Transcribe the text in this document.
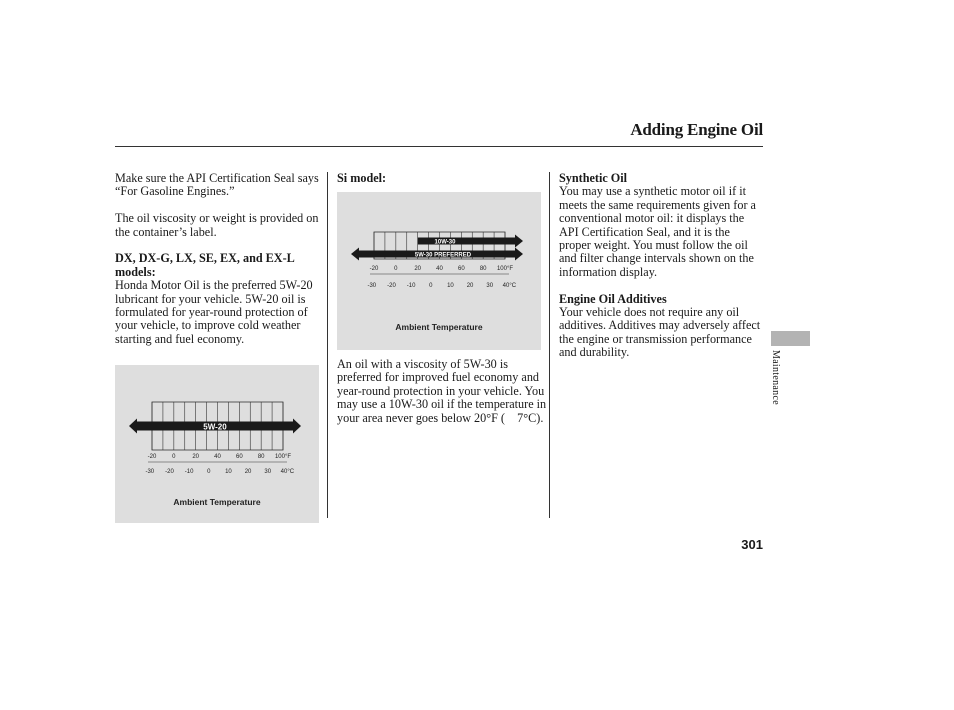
Adding Engine Oil

Make sure the API Certification Seal says “For Gasoline Engines.”

The oil viscosity or weight is provided on the container’s label.

DX, DX-G, LX, SE, EX, and EX-L models:

Honda Motor Oil is the preferred 5W-20 lubricant for your vehicle. 5W-20 oil is formulated for year-round protection of your vehicle, to improve cold weather starting and fuel economy.

5W-20
-20	0	20	40	60	80 100°F
-30 -20 -10 0 10 20 30 40°C
Ambient Temperature
Si model:
10W-30
5W-30 PREFERRED
-20	0	20	40	60	80 100°F
-30 -20 -10 0 10 20 30 40°C
Ambient Temperature

An oil with a viscosity of 5W-30 is preferred for improved fuel economy and year-round protection in your vehicle. You may use a 10W-30 oil if the temperature in your area never goes below 20°F (    7°C).

Synthetic Oil

You may use a synthetic motor oil if it meets the same requirements given for a conventional motor oil: it displays the API Certification Seal, and it is the proper weight. You must follow the oil and filter change intervals shown on the information display.

Engine Oil Additives

Your vehicle does not require any oil additives. Additives may adversely affect the engine or transmission performance and durability.	Maintenance
301
